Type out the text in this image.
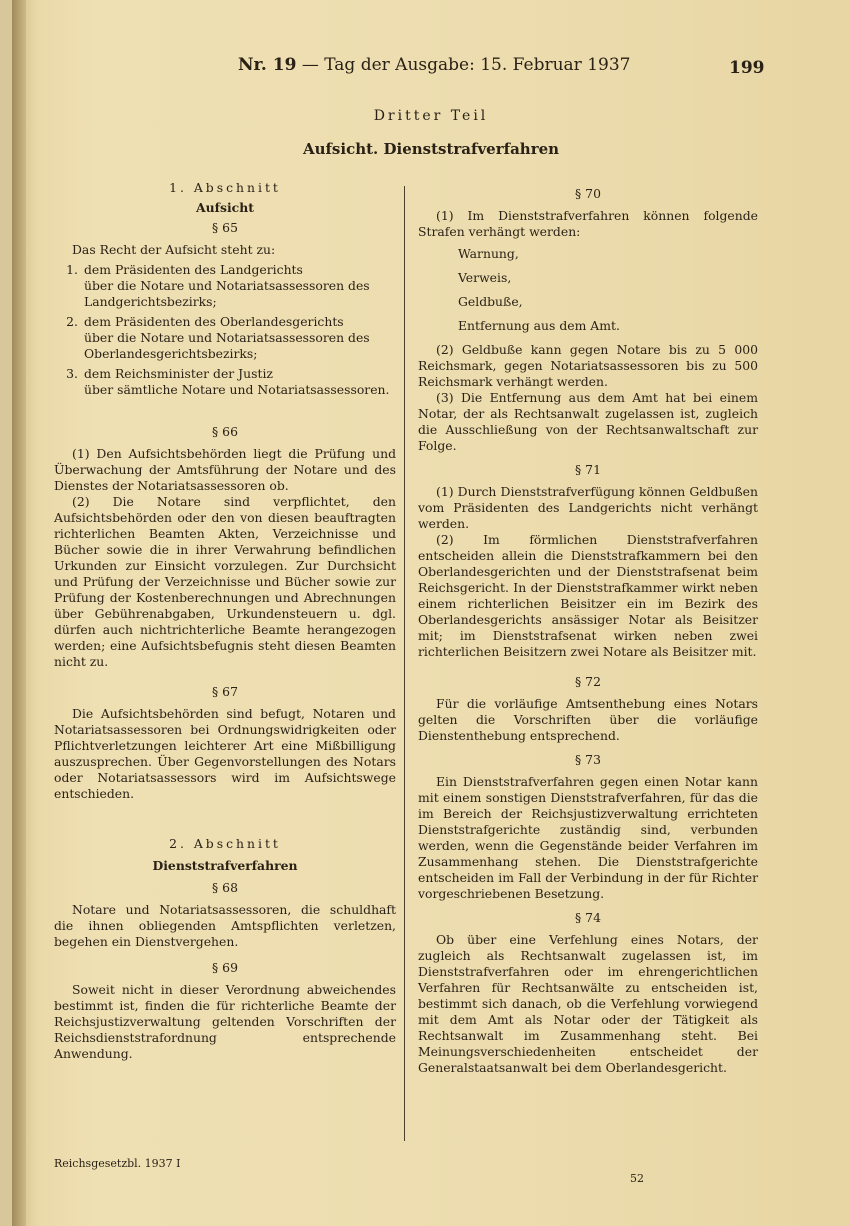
Nr. 19 — Tag der Ausgabe: 15. Februar 1937	199
Dritter Teil
Aufsicht. Dienststrafverfahren
1. Abschnitt
Aufsicht
§ 65

Das Recht der Aufsicht steht zu:

1. dem Präsidenten des Landgerichts
über die Notare und Notariatsassessoren des Landgerichtsbezirks;
2. dem Präsidenten des Oberlandesgerichts
über die Notare und Notariatsassessoren des Oberlandesgerichtsbezirks;
3. dem Reichsminister der Justiz
über sämtliche Notare und Notariatsassessoren.
§ 66

(1) Den Aufsichtsbehörden liegt die Prüfung und Überwachung der Amtsführung der Notare und des Dienstes der Notariatsassessoren ob.

(2) Die Notare sind verpflichtet, den Aufsichtsbehörden oder den von diesen beauftragten richterlichen Beamten Akten, Verzeichnisse und Bücher sowie die in ihrer Verwahrung befindlichen Urkunden zur Einsicht vorzulegen. Zur Durchsicht und Prüfung der Verzeichnisse und Bücher sowie zur Prüfung der Kostenberechnungen und Abrechnungen über Gebührenabgaben, Urkundensteuern u. dgl. dürfen auch nichtrichterliche Beamte herangezogen werden; eine Aufsichtsbefugnis steht diesen Beamten nicht zu.

§ 67

Die Aufsichtsbehörden sind befugt, Notaren und Notariatsassessoren bei Ordnungswidrigkeiten oder Pflichtverletzungen leichterer Art eine Mißbilligung auszusprechen. Über Gegenvorstellungen des Notars oder Notariatsassessors wird im Aufsichtswege entschieden.

2. Abschnitt
Dienststrafverfahren
§ 68

Notare und Notariatsassessoren, die schuldhaft die ihnen obliegenden Amtspflichten verletzen, begehen ein Dienstvergehen.

§ 69

Soweit nicht in dieser Verordnung abweichendes bestimmt ist, finden die für richterliche Beamte der Reichsjustizverwaltung geltenden Vorschriften der Reichsdienststrafordnung entsprechende Anwendung.

§ 70

(1) Im Dienststrafverfahren können folgende Strafen verhängt werden:

Warnung,
Verweis,
Geldbuße,
Entfernung aus dem Amt.

(2) Geldbuße kann gegen Notare bis zu 5 000 Reichsmark, gegen Notariatsassessoren bis zu 500 Reichsmark verhängt werden.

(3) Die Entfernung aus dem Amt hat bei einem Notar, der als Rechtsanwalt zugelassen ist, zugleich die Ausschließung von der Rechtsanwaltschaft zur Folge.

§ 71

(1) Durch Dienststrafverfügung können Geldbußen vom Präsidenten des Landgerichts nicht verhängt werden.

(2) Im förmlichen Dienststrafverfahren entscheiden allein die Dienststrafkammern bei den Oberlandesgerichten und der Dienststrafsenat beim Reichsgericht. In der Dienststrafkammer wirkt neben einem richterlichen Beisitzer ein im Bezirk des Oberlandesgerichts ansässiger Notar als Beisitzer mit; im Dienststrafsenat wirken neben zwei richterlichen Beisitzern zwei Notare als Beisitzer mit.

§ 72

Für die vorläufige Amtsenthebung eines Notars gelten die Vorschriften über die vorläufige Dienstenthebung entsprechend.

§ 73

Ein Dienststrafverfahren gegen einen Notar kann mit einem sonstigen Dienststrafverfahren, für das die im Bereich der Reichsjustizverwaltung errichteten Dienststrafgerichte zuständig sind, verbunden werden, wenn die Gegenstände beider Verfahren im Zusammenhang stehen. Die Dienststrafgerichte entscheiden im Fall der Verbindung in der für Richter vorgeschriebenen Besetzung.

§ 74

Ob über eine Verfehlung eines Notars, der zugleich als Rechtsanwalt zugelassen ist, im Dienststrafverfahren oder im ehrengerichtlichen Verfahren für Rechtsanwälte zu entscheiden ist, bestimmt sich danach, ob die Verfehlung vorwiegend mit dem Amt als Notar oder der Tätigkeit als Rechtsanwalt im Zusammenhang steht. Bei Meinungsverschiedenheiten entscheidet der Generalstaatsanwalt bei dem Oberlandesgericht.

Reichsgesetzbl. 1937 I
52
